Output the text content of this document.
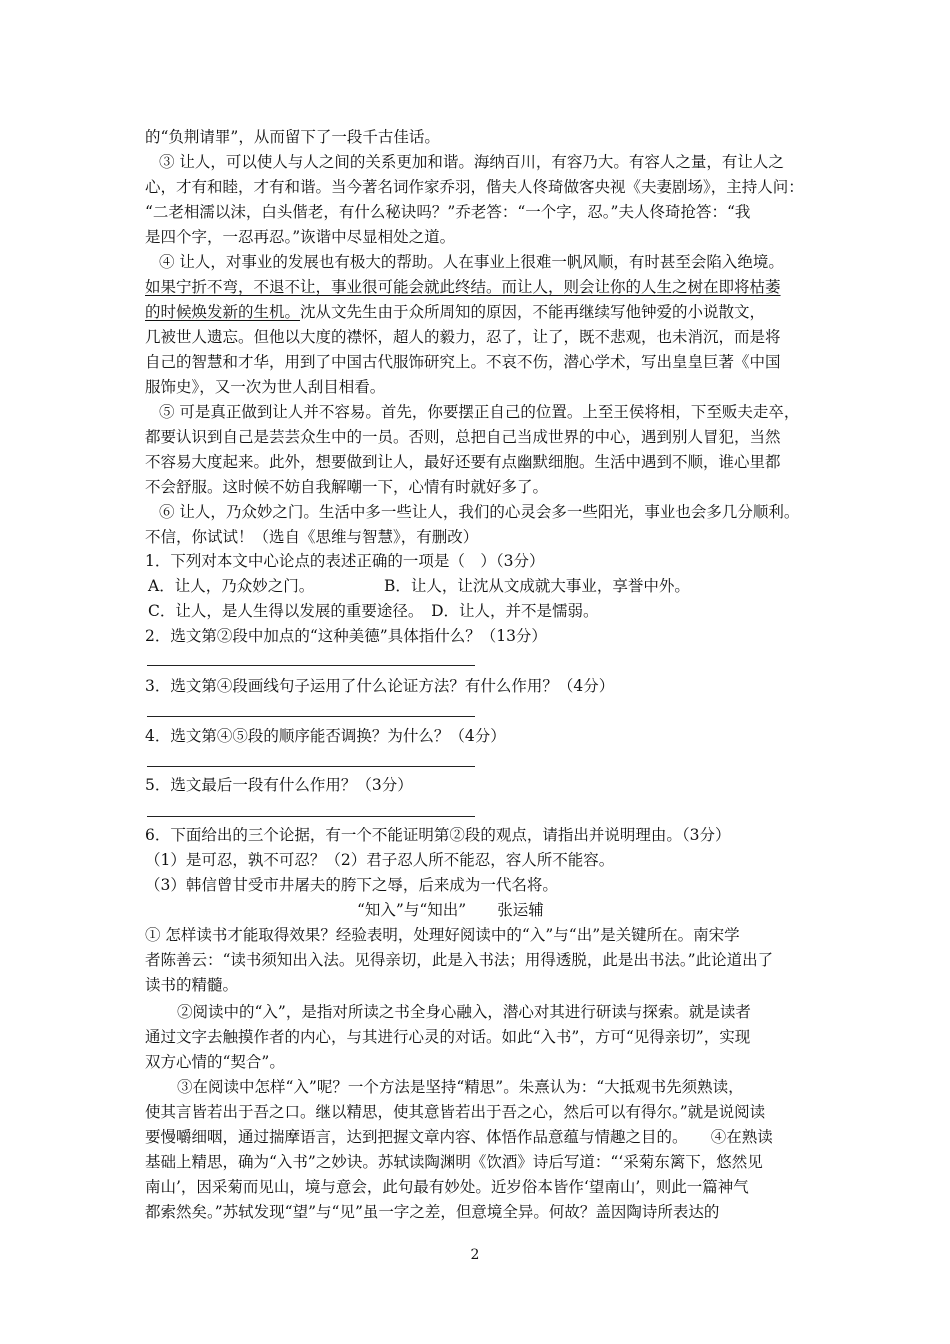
的“负荆请罪”，从而留下了一段千古佳话。
③ 让人，可以使人与人之间的关系更加和谐。海纳百川，有容乃大。有容人之量，有让人之
心，才有和睦，才有和谐。当今著名词作家乔羽，偕夫人佟琦做客央视《夫妻剧场》，主持人问：
“二老相濡以沫，白头偕老，有什么秘诀吗？”乔老答：“一个字，忍。”夫人佟琦抢答：“我
是四个字，一忍再忍。”诙谐中尽显相处之道。
④ 让人，对事业的发展也有极大的帮助。人在事业上很难一帆风顺，有时甚至会陷入绝境。
如果宁折不弯，不退不让，事业很可能会就此终结。而让人，则会让你的人生之树在即将枯萎
的时候焕发新的生机。沈从文先生由于众所周知的原因，不能再继续写他钟爱的小说散文，
几被世人遗忘。但他以大度的襟怀，超人的毅力，忍了，让了，既不悲观，也未消沉，而是将
自己的智慧和才华，用到了中国古代服饰研究上。不哀不伤，潜心学术，写出皇皇巨著《中国
服饰史》，又一次为世人刮目相看。
⑤ 可是真正做到让人并不容易。首先，你要摆正自己的位置。上至王侯将相，下至贩夫走卒，
都要认识到自己是芸芸众生中的一员。否则，总把自己当成世界的中心，遇到别人冒犯，当然
不容易大度起来。此外，想要做到让人，最好还要有点幽默细胞。生活中遇到不顺，谁心里都
不会舒服。这时候不妨自我解嘲一下，心情有时就好多了。
⑥ 让人，乃众妙之门。生活中多一些让人，我们的心灵会多一些阳光，事业也会多几分顺利。
不信，你试试！（选自《思维与智慧》，有删改）
1．下列对本文中心论点的表述正确的一项是（　）（3分）
A．让人，乃众妙之门。　　　　　B．让人，让沈从文成就大事业，享誉中外。
C．让人，是人生得以发展的重要途径。　D．让人，并不是懦弱。
2．选文第②段中加点的“这种美德”具体指什么？（13分）
3．选文第④段画线句子运用了什么论证方法？有什么作用？（4分）
4．选文第④⑤段的顺序能否调换？为什么？（4分）
5．选文最后一段有什么作用？（3分）
6．下面给出的三个论据，有一个不能证明第②段的观点，请指出并说明理由。（3分）
（1）是可忍，孰不可忍？（2）君子忍人所不能忍，容人所不能容。
（3）韩信曾甘受市井屠夫的胯下之辱，后来成为一代名将。
“知入”与“知出”　　张运辅
① 怎样读书才能取得效果？经验表明，处理好阅读中的“入”与“出”是关键所在。南宋学
者陈善云：“读书须知出入法。见得亲切，此是入书法；用得透脱，此是出书法。”此论道出了
读书的精髓。
②阅读中的“入”，是指对所读之书全身心融入，潜心对其进行研读与探索。就是读者
通过文字去触摸作者的内心，与其进行心灵的对话。如此“入书”，方可“见得亲切”，实现
双方心情的“契合”。
③在阅读中怎样“入”呢？一个方法是坚持“精思”。朱熹认为：“大抵观书先须熟读，
使其言皆若出于吾之口。继以精思，使其意皆若出于吾之心，然后可以有得尔。”就是说阅读
要慢嚼细咽，通过揣摩语言，达到把握文章内容、体悟作品意蕴与情趣之目的。　　④在熟读
基础上精思，确为“入书”之妙诀。苏轼读陶渊明《饮酒》诗后写道：“‘采菊东篱下，悠然见
南山’，因采菊而见山，境与意会，此句最有妙处。近岁俗本皆作‘望南山’，则此一篇神气
都索然矣。”苏轼发现“望”与“见”虽一字之差，但意境全异。何故？盖因陶诗所表达的
2
